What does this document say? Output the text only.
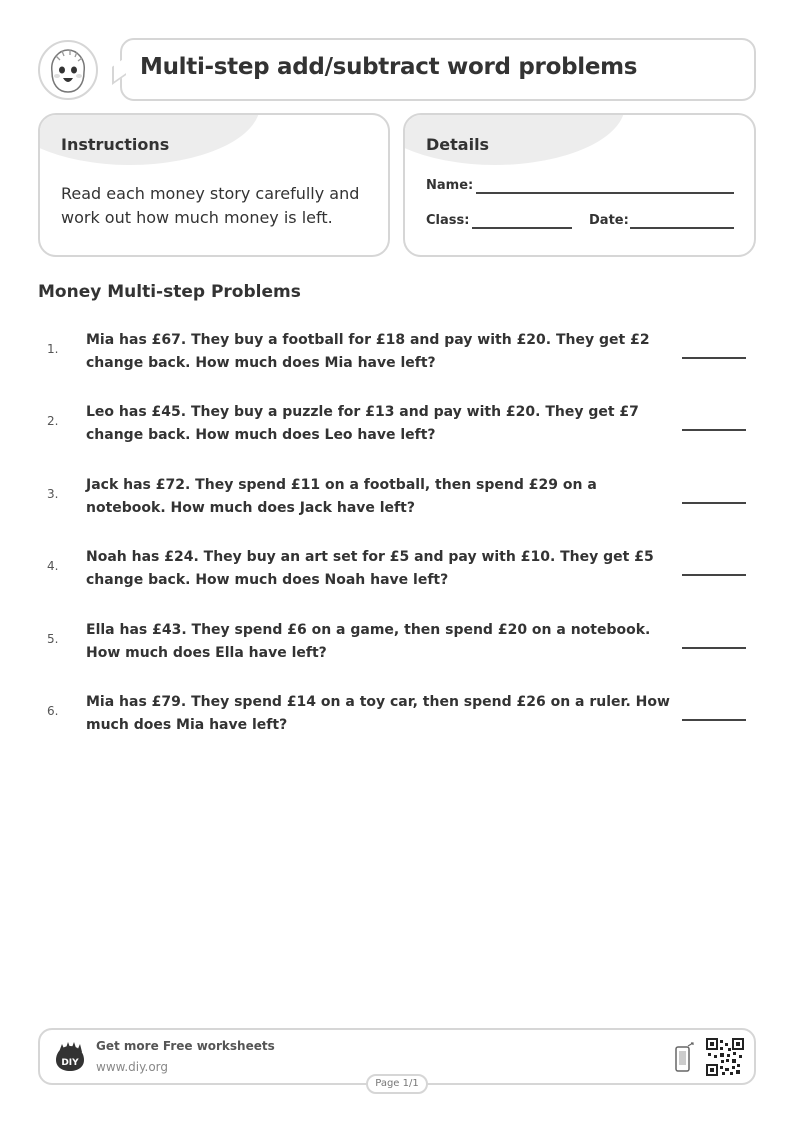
Multi-step add/subtract word problems
Instructions
Read each money story carefully and work out how much money is left.
Details
Name:
Class:	Date:
Money Multi-step Problems
1.
Mia has £67. They buy a football for £18 and pay with £20. They get £2 change back. How much does Mia have left?
2.
Leo has £45. They buy a puzzle for £13 and pay with £20. They get £7 change back. How much does Leo have left?
3.
Jack has £72. They spend £11 on a football, then spend £29 on a notebook. How much does Jack have left?
4.
Noah has £24. They buy an art set for £5 and pay with £10. They get £5 change back. How much does Noah have left?
5.
Ella has £43. They spend £6 on a game, then spend £20 on a notebook. How much does Ella have left?
6.
Mia has £79. They spend £14 on a toy car, then spend £26 on a ruler. How much does Mia have left?
DIY
Get more Free worksheets
www.diy.org
Page 1/1
